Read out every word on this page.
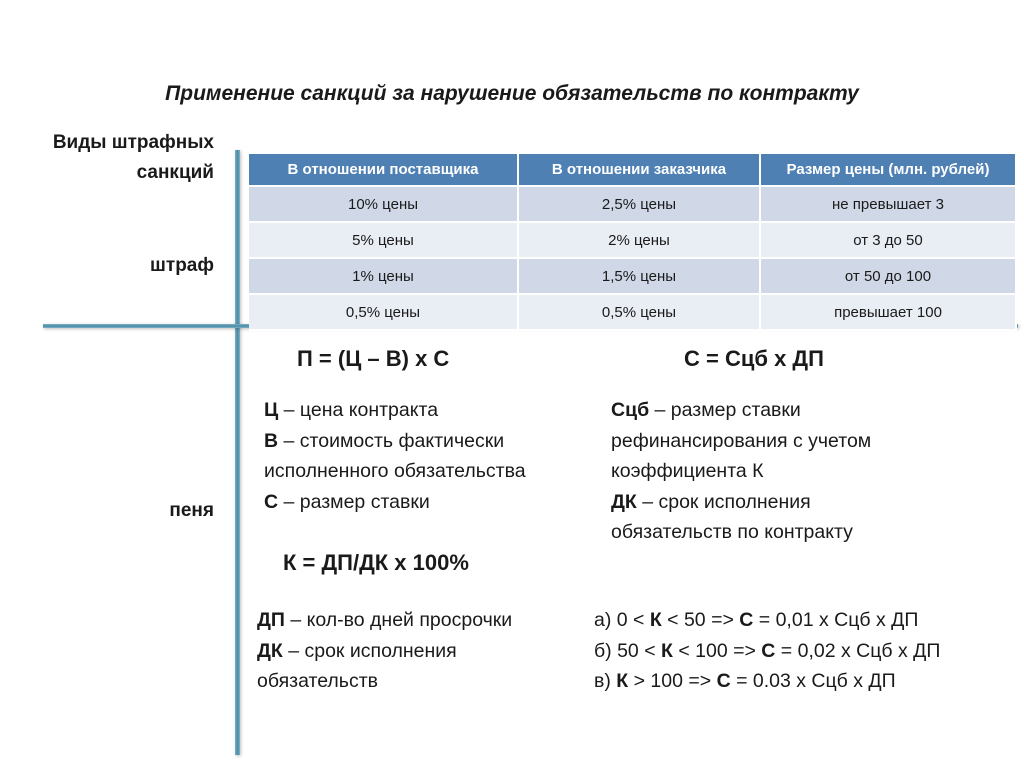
Применение санкций за нарушение обязательств по контракту
Виды штрафных
санкций
штраф
пеня
В отношении поставщика	В отношении заказчика	Размер цены (млн. рублей)
10% цены	2,5% цены	не превышает 3
5% цены	2% цены	от 3 до 50
1% цены	1,5% цены	от 50 до 100
0,5% цены	0,5% цены	превышает 100
П = (Ц – В) х С	С = Сцб х ДП
К = ДП/ДК х 100%
Ц – цена контракта
В – стоимость фактически
исполненного обязательства
С – размер ставки
Сцб – размер ставки
рефинансирования с учетом
коэффициента К
ДК – срок исполнения
обязательств по контракту
ДП – кол-во дней просрочки
ДК – срок исполнения
обязательств
а) 0 < К < 50 => С = 0,01 х Сцб х ДП
б) 50 < К < 100 => С = 0,02 х Сцб х ДП
в) К > 100 => С = 0.03 х Сцб х ДП
